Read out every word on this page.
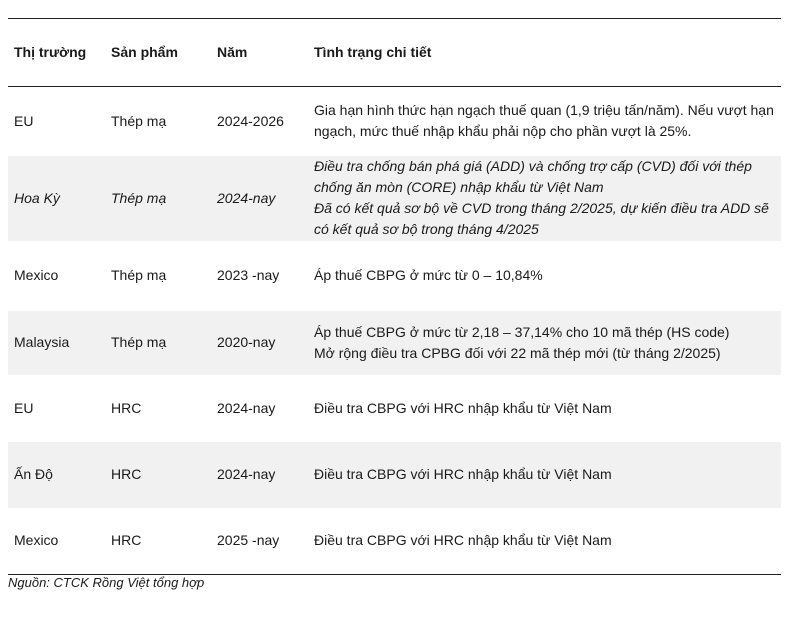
Thị trường	Sản phẩm	Năm	Tình trạng chi tiết
EU	Thép mạ	2024-2026	Gia hạn hình thức hạn ngạch thuế quan (1,9 triệu tấn/năm). Nếu vượt hạn ngạch, mức thuế nhập khẩu phải nộp cho phần vượt là 25%.

Hoa Kỳ	Thép mạ	2024-nay	Điều tra chống bán phá giá (ADD) và chống trợ cấp (CVD) đối với thép chống ăn mòn (CORE) nhập khẩu từ Việt Nam
Đã có kết quả sơ bộ về CVD trong tháng 2/2025, dự kiến điều tra ADD sẽ có kết quả sơ bộ trong tháng 4/2025

Mexico	Thép mạ	2023 -nay	Áp thuế CBPG ở mức từ 0 – 10,84%

Malaysia	Thép mạ	2020-nay	Áp thuế CBPG ở mức từ 2,18 – 37,14% cho 10 mã thép (HS code)
Mở rộng điều tra CPBG đối với 22 mã thép mới (từ tháng 2/2025)

EU	HRC	2024-nay	Điều tra CBPG với HRC nhập khẩu từ Việt Nam

Ấn Độ	HRC	2024-nay	Điều tra CBPG với HRC nhập khẩu từ Việt Nam

Mexico	HRC	2025 -nay	Điều tra CBPG với HRC nhập khẩu từ Việt Nam
Nguồn: CTCK Rồng Việt tổng hợp
